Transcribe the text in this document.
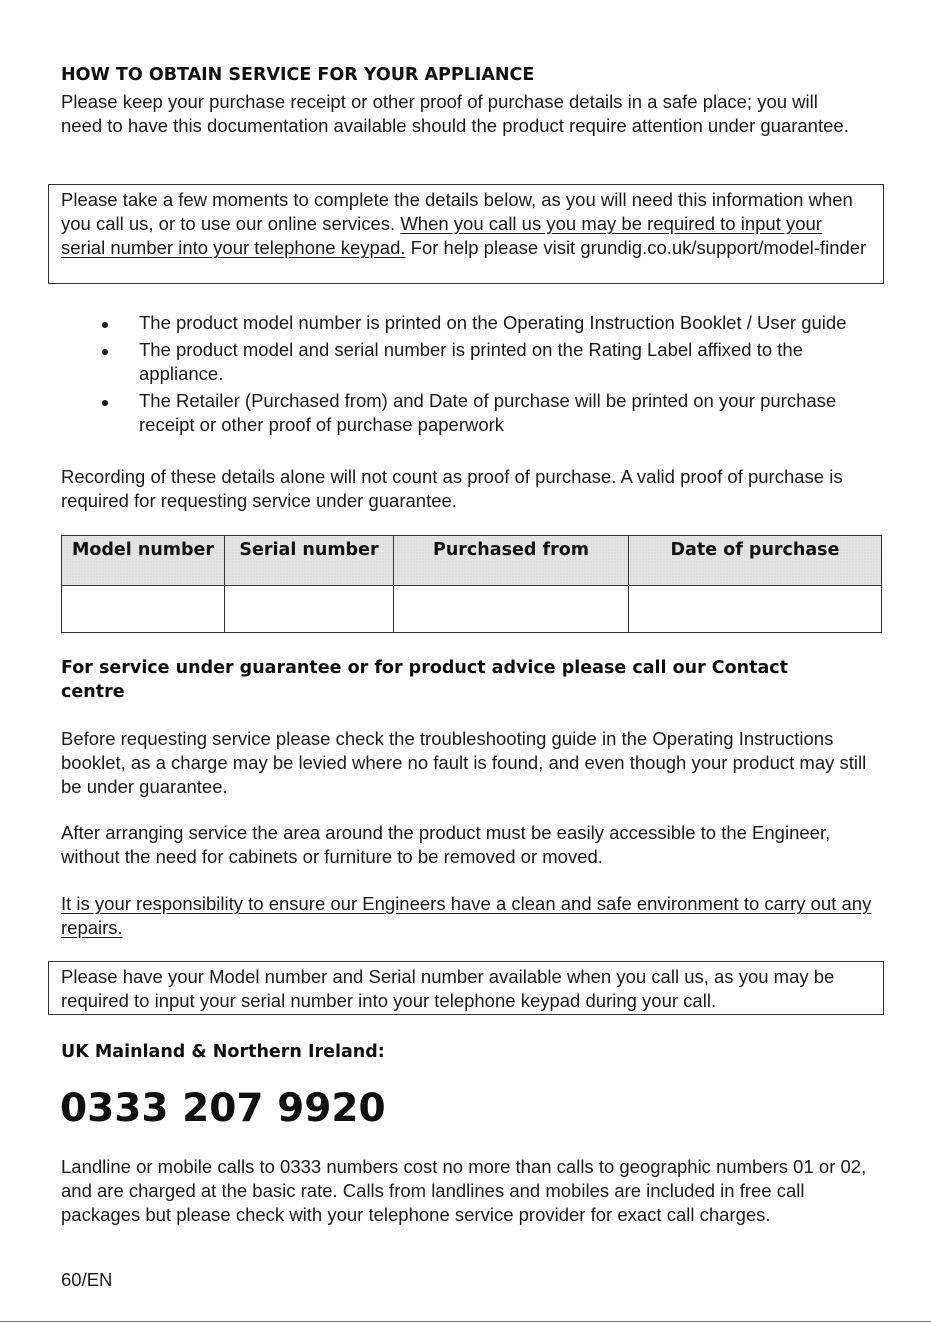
HOW TO OBTAIN SERVICE FOR YOUR APPLIANCE
Please keep your purchase receipt or other proof of purchase details in a safe place; you will need to have this documentation available should the product require attention under guarantee.
Please take a few moments to complete the details below, as you will need this information when you call us, or to use our online services. When you call us you may be required to input your serial number into your telephone keypad. For help please visit grundig.co.uk/support/model-finder
The product model number is printed on the Operating Instruction Booklet / User guide
The product model and serial number is printed on the Rating Label affixed to the appliance.
The Retailer (Purchased from) and Date of purchase will be printed on your purchase receipt or other proof of purchase paperwork
Recording of these details alone will not count as proof of purchase. A valid proof of purchase is required for requesting service under guarantee.
Model number	Serial number	Purchased from	Date of purchase

For service under guarantee or for product advice please call our Contact centre
Before requesting service please check the troubleshooting guide in the Operating Instructions booklet, as a charge may be levied where no fault is found, and even though your product may still be under guarantee.
After arranging service the area around the product must be easily accessible to the Engineer, without the need for cabinets or furniture to be removed or moved.
It is your responsibility to ensure our Engineers have a clean and safe environment to carry out any repairs.
Please have your Model number and Serial number available when you call us, as you may be required to input your serial number into your telephone keypad during your call.
UK Mainland & Northern Ireland:
0333 207 9920
Landline or mobile calls to 0333 numbers cost no more than calls to geographic numbers 01 or 02, and are charged at the basic rate. Calls from landlines and mobiles are included in free call packages but please check with your telephone service provider for exact call charges.
60/EN
